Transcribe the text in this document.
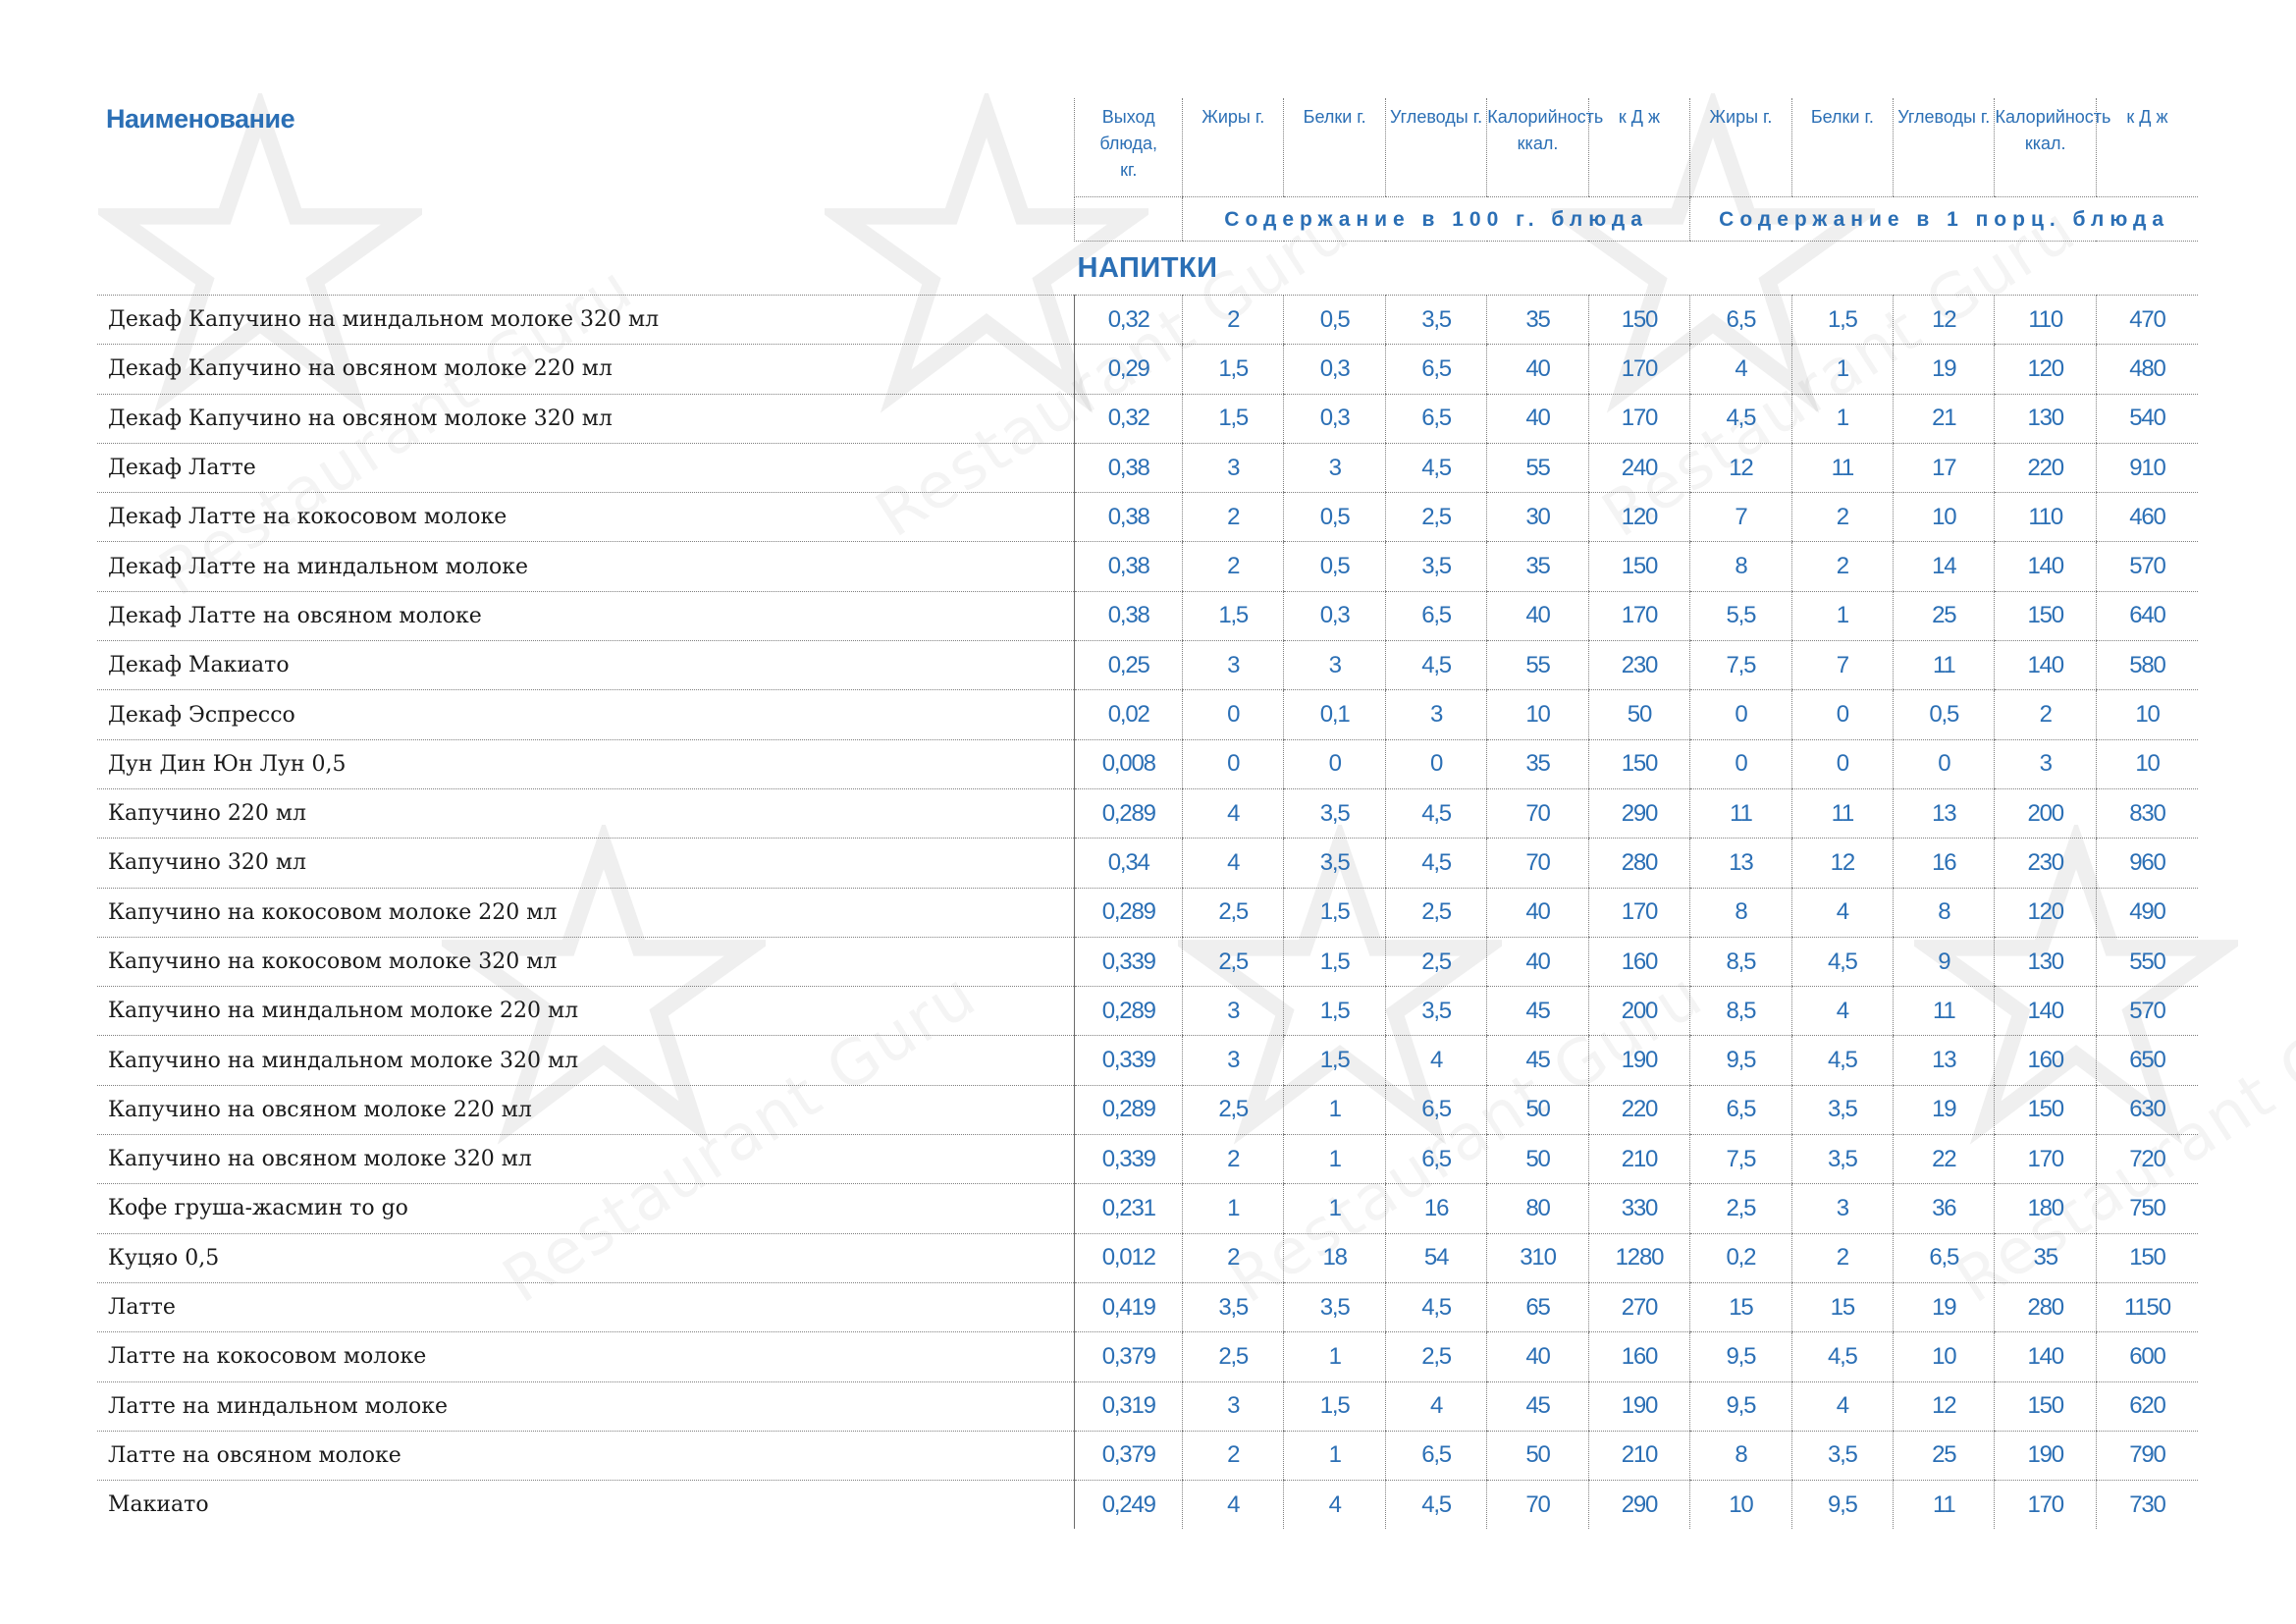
Наименование	Выход блюда, кг.	Жиры г.	Белки г.	Углеводы г.	Калорийность ккал.	к Д ж	Жиры г.	Белки г.	Углеводы г.	Калорийность ккал.	к Д ж
		Содержание в 100 г. блюда					Содержание в 1 порц. блюда				
НАПИТКИ											
Декаф Капучино на миндальном молоке 320 мл	0,32	2	0,5	3,5	35	150	6,5	1,5	12	110	470
Декаф Капучино на овсяном молоке 220 мл	0,29	1,5	0,3	6,5	40	170	4	1	19	120	480
Декаф Капучино на овсяном молоке 320 мл	0,32	1,5	0,3	6,5	40	170	4,5	1	21	130	540
Декаф Латте	0,38	3	3	4,5	55	240	12	11	17	220	910
Декаф Латте на кокосовом молоке	0,38	2	0,5	2,5	30	120	7	2	10	110	460
Декаф Латте на миндальном молоке	0,38	2	0,5	3,5	35	150	8	2	14	140	570
Декаф Латте на овсяном молоке	0,38	1,5	0,3	6,5	40	170	5,5	1	25	150	640
Декаф Макиато	0,25	3	3	4,5	55	230	7,5	7	11	140	580
Декаф Эспрессо	0,02	0	0,1	3	10	50	0	0	0,5	2	10
Дун Дин Юн Лун 0,5	0,008	0	0	0	35	150	0	0	0	3	10
Капучино 220 мл	0,289	4	3,5	4,5	70	290	11	11	13	200	830
Капучино 320 мл	0,34	4	3,5	4,5	70	280	13	12	16	230	960
Капучино на кокосовом молоке 220 мл	0,289	2,5	1,5	2,5	40	170	8	4	8	120	490
Капучино на кокосовом молоке 320 мл	0,339	2,5	1,5	2,5	40	160	8,5	4,5	9	130	550
Капучино на миндальном молоке 220 мл	0,289	3	1,5	3,5	45	200	8,5	4	11	140	570
Капучино на миндальном молоке 320 мл	0,339	3	1,5	4	45	190	9,5	4,5	13	160	650
Капучино на овсяном молоке 220 мл	0,289	2,5	1	6,5	50	220	6,5	3,5	19	150	630
Капучино на овсяном молоке 320 мл	0,339	2	1	6,5	50	210	7,5	3,5	22	170	720
Кофе груша-жасмин то go	0,231	1	1	16	80	330	2,5	3	36	180	750
Куцяо 0,5	0,012	2	18	54	310	1280	0,2	2	6,5	35	150
Латте	0,419	3,5	3,5	4,5	65	270	15	15	19	280	1150
Латте на кокосовом молоке	0,379	2,5	1	2,5	40	160	9,5	4,5	10	140	600
Латте на миндальном молоке	0,319	3	1,5	4	45	190	9,5	4	12	150	620
Латте на овсяном молоке	0,379	2	1	6,5	50	210	8	3,5	25	190	790
Макиато	0,249	4	4	4,5	70	290	10	9,5	11	170	730
